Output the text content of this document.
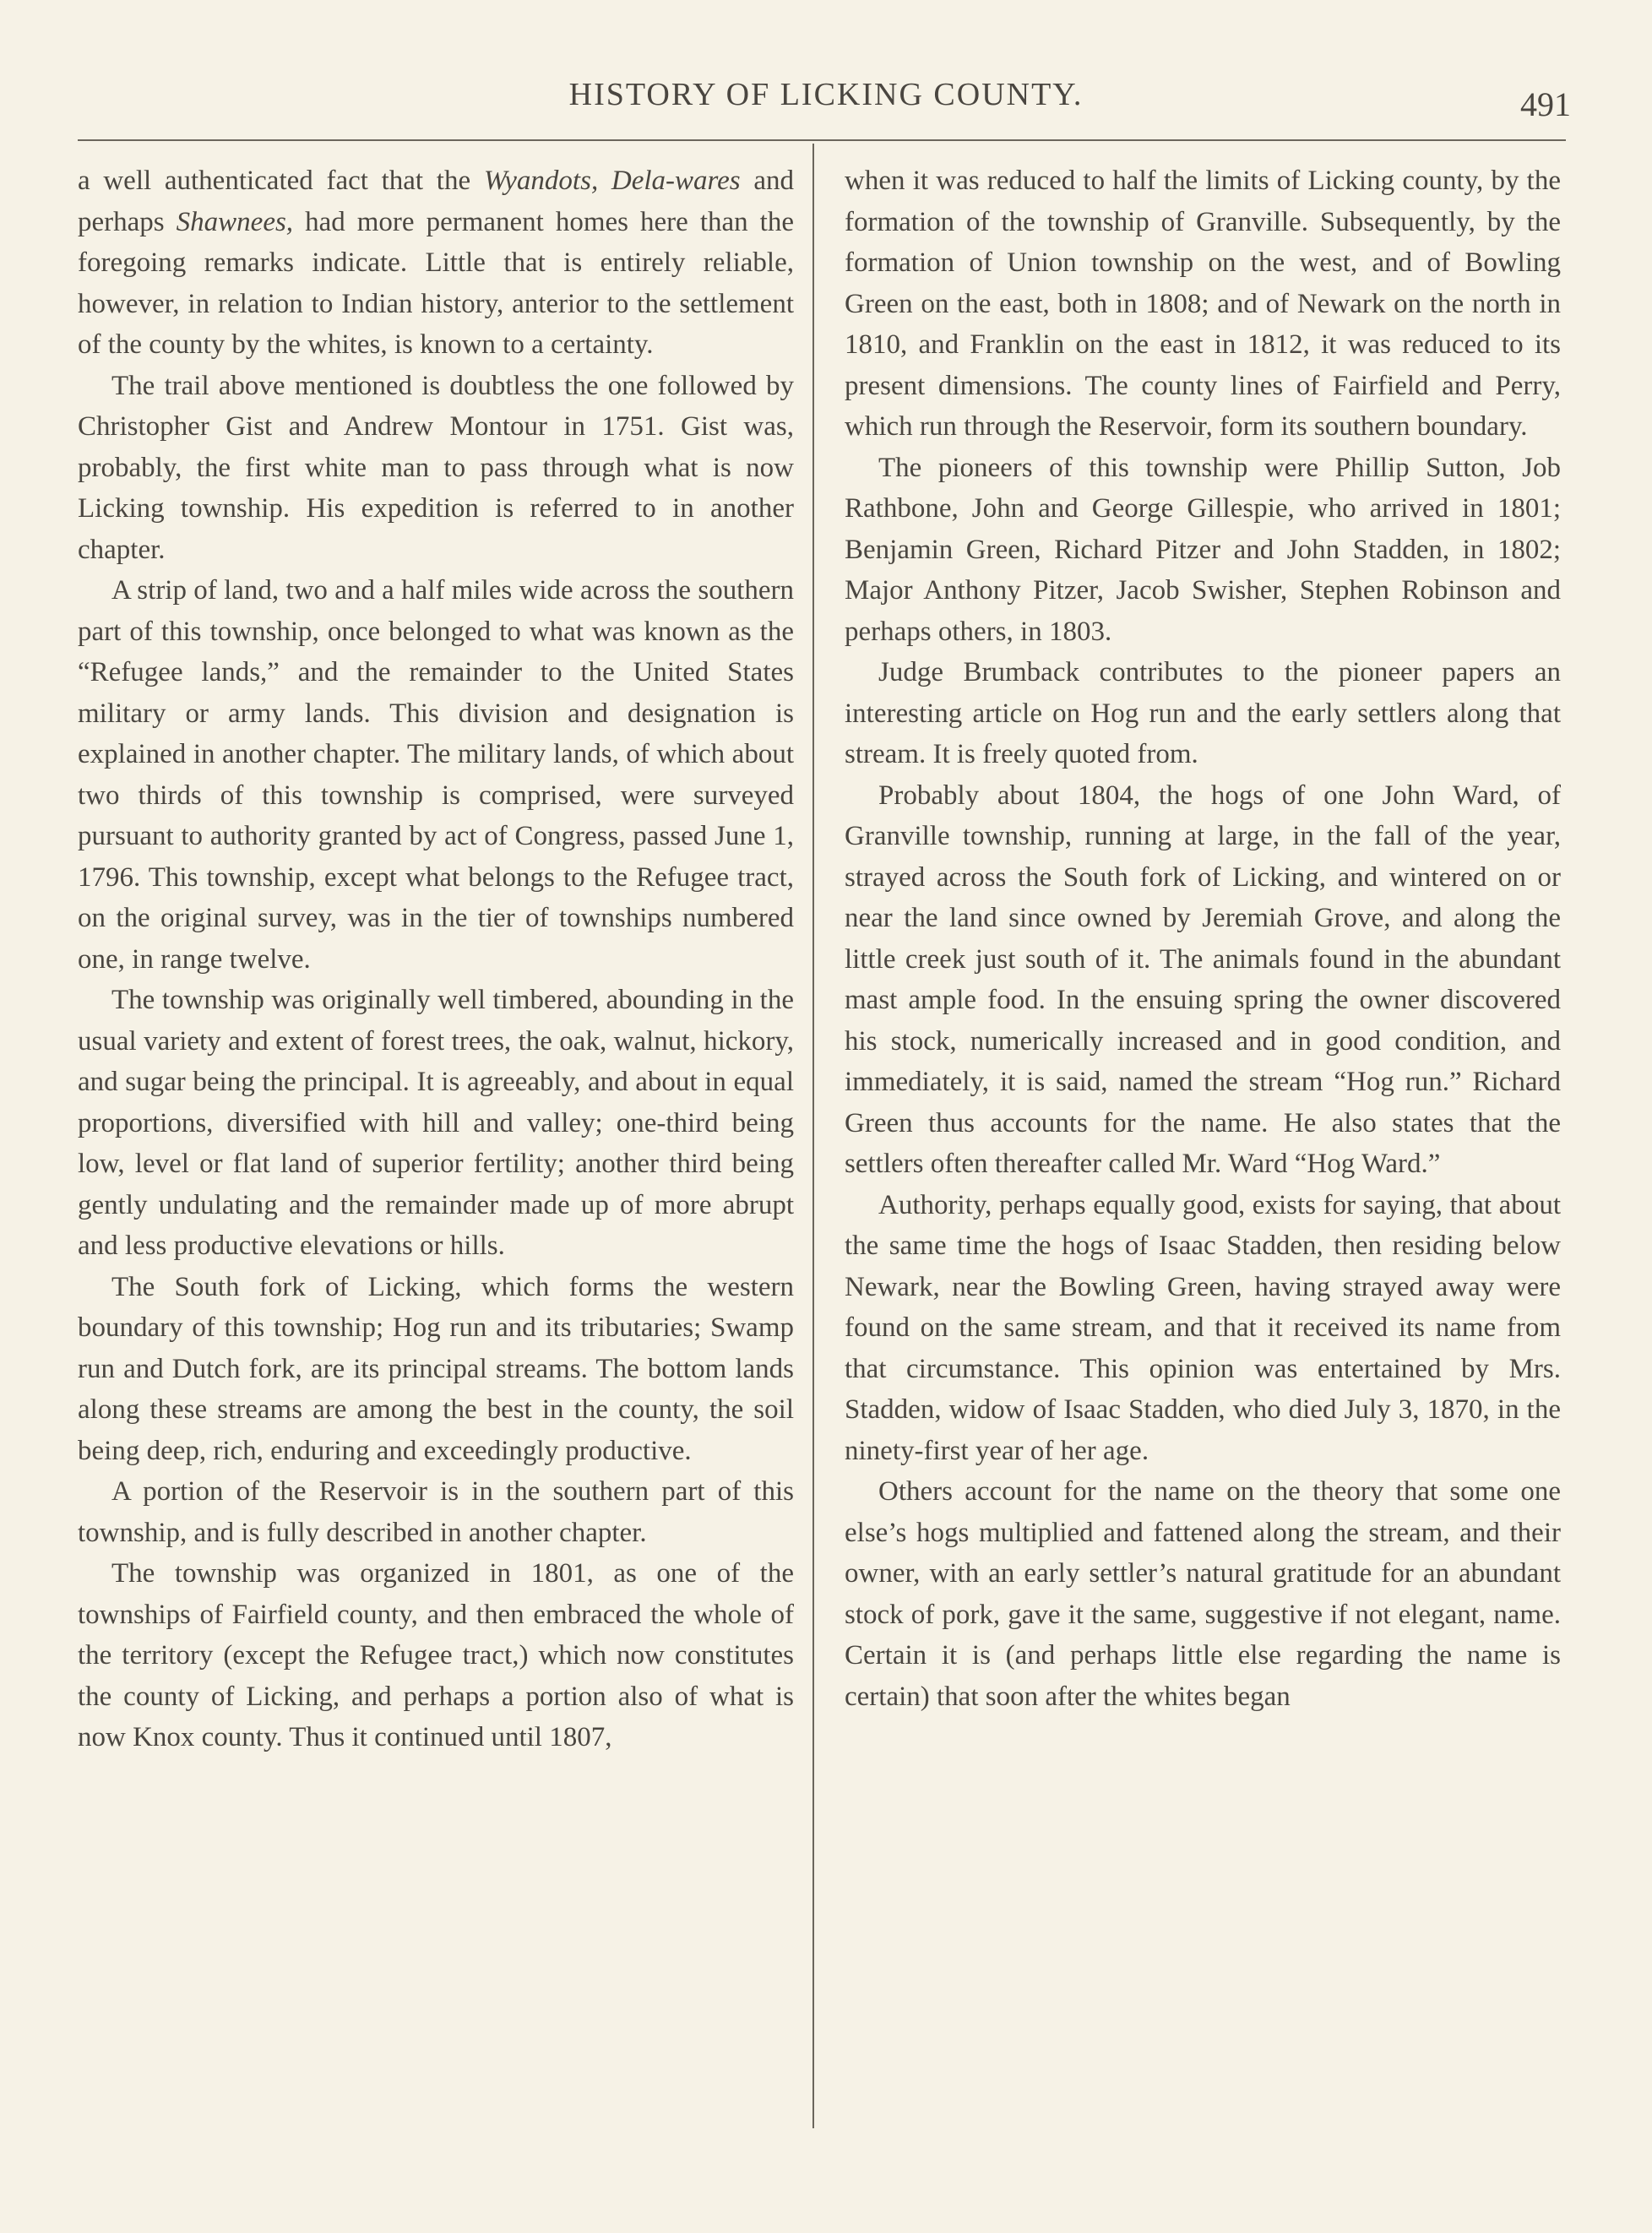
HISTORY OF LICKING COUNTY.	491

a well authenticated fact that the Wyandots, Dela-wares and perhaps Shawnees, had more permanent homes here than the foregoing remarks indicate. Little that is entirely reliable, however, in relation to Indian history, anterior to the settlement of the county by the whites, is known to a certainty.

The trail above mentioned is doubtless the one followed by Christopher Gist and Andrew Montour in 1751. Gist was, probably, the first white man to pass through what is now Licking township. His expedition is referred to in another chapter.

A strip of land, two and a half miles wide across the southern part of this township, once belonged to what was known as the “Refugee lands,” and the remainder to the United States military or army lands. This division and designation is explained in another chapter. The military lands, of which about two thirds of this township is comprised, were surveyed pursuant to authority granted by act of Congress, passed June 1, 1796. This township, except what belongs to the Refugee tract, on the original survey, was in the tier of townships numbered one, in range twelve.

The township was originally well timbered, abounding in the usual variety and extent of forest trees, the oak, walnut, hickory, and sugar being the principal. It is agreeably, and about in equal proportions, diversified with hill and valley; one-third being low, level or flat land of superior fertility; another third being gently undulating and the remainder made up of more abrupt and less productive elevations or hills.

The South fork of Licking, which forms the western boundary of this township; Hog run and its tributaries; Swamp run and Dutch fork, are its principal streams. The bottom lands along these streams are among the best in the county, the soil being deep, rich, enduring and exceedingly productive.

A portion of the Reservoir is in the southern part of this township, and is fully described in another chapter.

The township was organized in 1801, as one of the townships of Fairfield county, and then embraced the whole of the territory (except the Refugee tract,) which now constitutes the county of Licking, and perhaps a portion also of what is now Knox county. Thus it continued until 1807,

when it was reduced to half the limits of Licking county, by the formation of the township of Granville. Subsequently, by the formation of Union township on the west, and of Bowling Green on the east, both in 1808; and of Newark on the north in 1810, and Franklin on the east in 1812, it was reduced to its present dimensions. The county lines of Fairfield and Perry, which run through the Reservoir, form its southern boundary.

The pioneers of this township were Phillip Sutton, Job Rathbone, John and George Gillespie, who arrived in 1801; Benjamin Green, Richard Pitzer and John Stadden, in 1802; Major Anthony Pitzer, Jacob Swisher, Stephen Robinson and perhaps others, in 1803.

Judge Brumback contributes to the pioneer papers an interesting article on Hog run and the early settlers along that stream. It is freely quoted from.

Probably about 1804, the hogs of one John Ward, of Granville township, running at large, in the fall of the year, strayed across the South fork of Licking, and wintered on or near the land since owned by Jeremiah Grove, and along the little creek just south of it. The animals found in the abundant mast ample food. In the ensuing spring the owner discovered his stock, numerically increased and in good condition, and immediately, it is said, named the stream “Hog run.” Richard Green thus accounts for the name. He also states that the settlers often thereafter called Mr. Ward “Hog Ward.”

Authority, perhaps equally good, exists for saying, that about the same time the hogs of Isaac Stadden, then residing below Newark, near the Bowling Green, having strayed away were found on the same stream, and that it received its name from that circumstance. This opinion was entertained by Mrs. Stadden, widow of Isaac Stadden, who died July 3, 1870, in the ninety-first year of her age.

Others account for the name on the theory that some one else’s hogs multiplied and fattened along the stream, and their owner, with an early settler’s natural gratitude for an abundant stock of pork, gave it the same, suggestive if not elegant, name. Certain it is (and perhaps little else regarding the name is certain) that soon after the whites began
